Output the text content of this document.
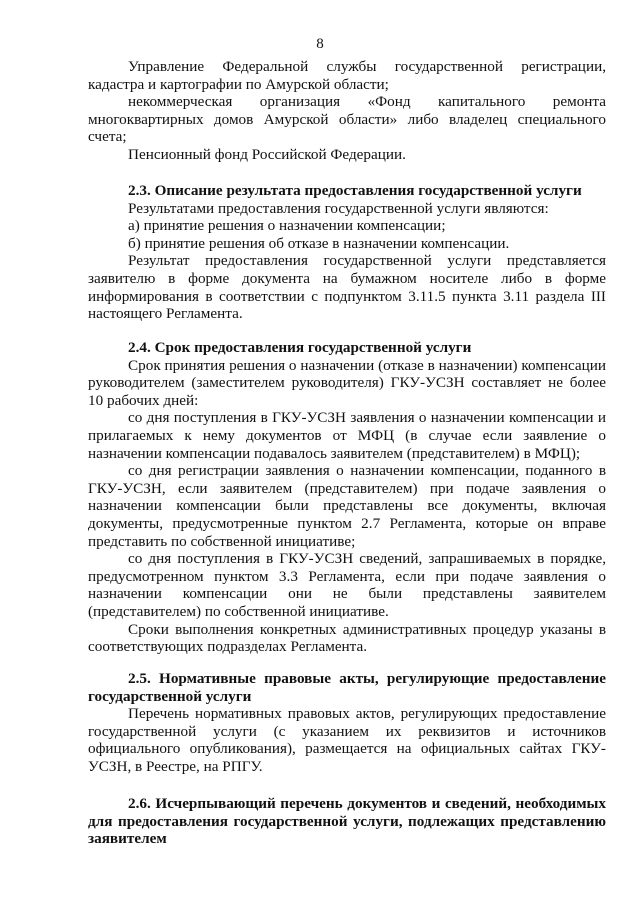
8

Управление Федеральной службы государственной регистрации, кадастра и картографии по Амурской области;

некоммерческая организация «Фонд капитального ремонта многоквартирных домов Амурской области» либо владелец специального счета;

Пенсионный фонд Российской Федерации.

2.3. Описание результата предоставления государственной услуги

Результатами предоставления государственной услуги являются:

а) принятие решения о назначении компенсации;

б) принятие решения об отказе в назначении компенсации.

Результат предоставления государственной услуги представляется заявителю в форме документа на бумажном носителе либо в форме информирования в соответствии с подпунктом 3.11.5 пункта 3.11 раздела III настоящего Регламента.

2.4. Срок предоставления государственной услуги

Срок принятия решения о назначении (отказе в назначении) компенсации руководителем (заместителем руководителя) ГКУ-УСЗН составляет не более 10 рабочих дней:

со дня поступления в ГКУ-УСЗН заявления о назначении компенсации и прилагаемых к нему документов от МФЦ (в случае если заявление о назначении компенсации подавалось заявителем (представителем) в МФЦ);

со дня регистрации заявления о назначении компенсации, поданного в ГКУ-УСЗН, если заявителем (представителем) при подаче заявления о назначении компенсации были представлены все документы, включая документы, предусмотренные пунктом 2.7 Регламента, которые он вправе представить по собственной инициативе;

со дня поступления в ГКУ-УСЗН сведений, запрашиваемых в порядке, предусмотренном пунктом 3.3 Регламента, если при подаче заявления о назначении компенсации они не были представлены заявителем (представителем) по собственной инициативе.

Сроки выполнения конкретных административных процедур указаны в соответствующих подразделах Регламента.

2.5. Нормативные правовые акты, регулирующие предоставление государственной услуги

Перечень нормативных правовых актов, регулирующих предоставление государственной услуги (с указанием их реквизитов и источников официального опубликования), размещается на официальных сайтах ГКУ-УСЗН, в Реестре, на РПГУ.

2.6. Исчерпывающий перечень документов и сведений, необходимых для предоставления государственной услуги, подлежащих представлению заявителем
